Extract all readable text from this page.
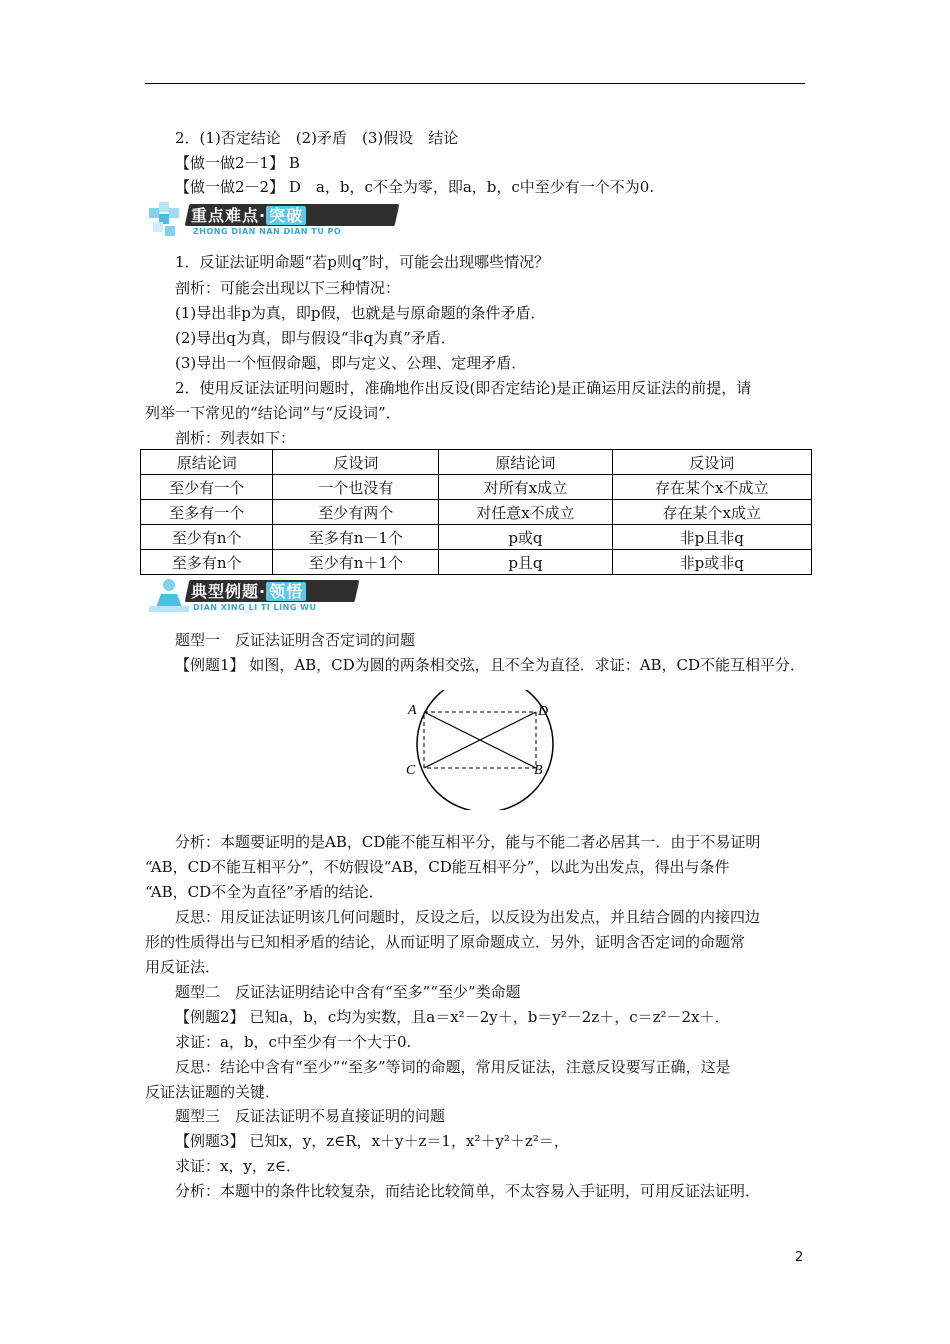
2．(1)否定结论　(2)矛盾　(3)假设　结论
【做一做2－1】 B
【做一做2－2】 D　a，b，c不全为零，即a，b，c中至少有一个不为0.
重点难点· 突破
ZHONG DIAN NAN DIAN TU PO
1．反证法证明命题“若p则q”时，可能会出现哪些情况？
剖析：可能会出现以下三种情况：
(1)导出非p为真，即p假，也就是与原命题的条件矛盾．
(2)导出q为真，即与假设“非q为真”矛盾．
(3)导出一个恒假命题，即与定义、公理、定理矛盾．
2．使用反证法证明问题时，准确地作出反设(即否定结论)是正确运用反证法的前提，请
列举一下常见的“结论词”与“反设词”．
剖析：列表如下：
原结论词	反设词	原结论词	反设词
至少有一个	一个也没有	对所有x成立	存在某个x不成立
至多有一个	至少有两个	对任意x不成立	存在某个x成立
至少有n个	至多有n－1个	p或q	非p且非q
至多有n个	至少有n＋1个	p且q	非p或非q
典型例题· 领悟
DIAN XING LI TI LING WU
题型一　反证法证明含否定词的问题
【例题1】 如图，AB，CD为圆的两条相交弦，且不全为直径．求证：AB，CD不能互相平分．
A	D
C	B
分析：本题要证明的是AB，CD能不能互相平分，能与不能二者必居其一．由于不易证明
“AB，CD不能互相平分”，不妨假设“AB，CD能互相平分”，以此为出发点，得出与条件
“AB，CD不全为直径”矛盾的结论．
反思：用反证法证明该几何问题时，反设之后，以反设为出发点，并且结合圆的内接四边
形的性质得出与已知相矛盾的结论，从而证明了原命题成立．另外，证明含否定词的命题常
用反证法．
题型二　反证法证明结论中含有“至多”“至少”类命题
【例题2】 已知a，b，c均为实数，且a＝x²－2y＋，b＝y²－2z＋，c＝z²－2x＋．
求证：a，b，c中至少有一个大于0.
反思：结论中含有“至少”“至多”等词的命题，常用反证法，注意反设要写正确，这是
反证法证题的关键．
题型三　反证法证明不易直接证明的问题
【例题3】 已知x，y，z∈R，x＋y＋z＝1，x²＋y²＋z²＝，
求证：x，y，z∈．
分析：本题中的条件比较复杂，而结论比较简单，不太容易入手证明，可用反证法证明．
2
